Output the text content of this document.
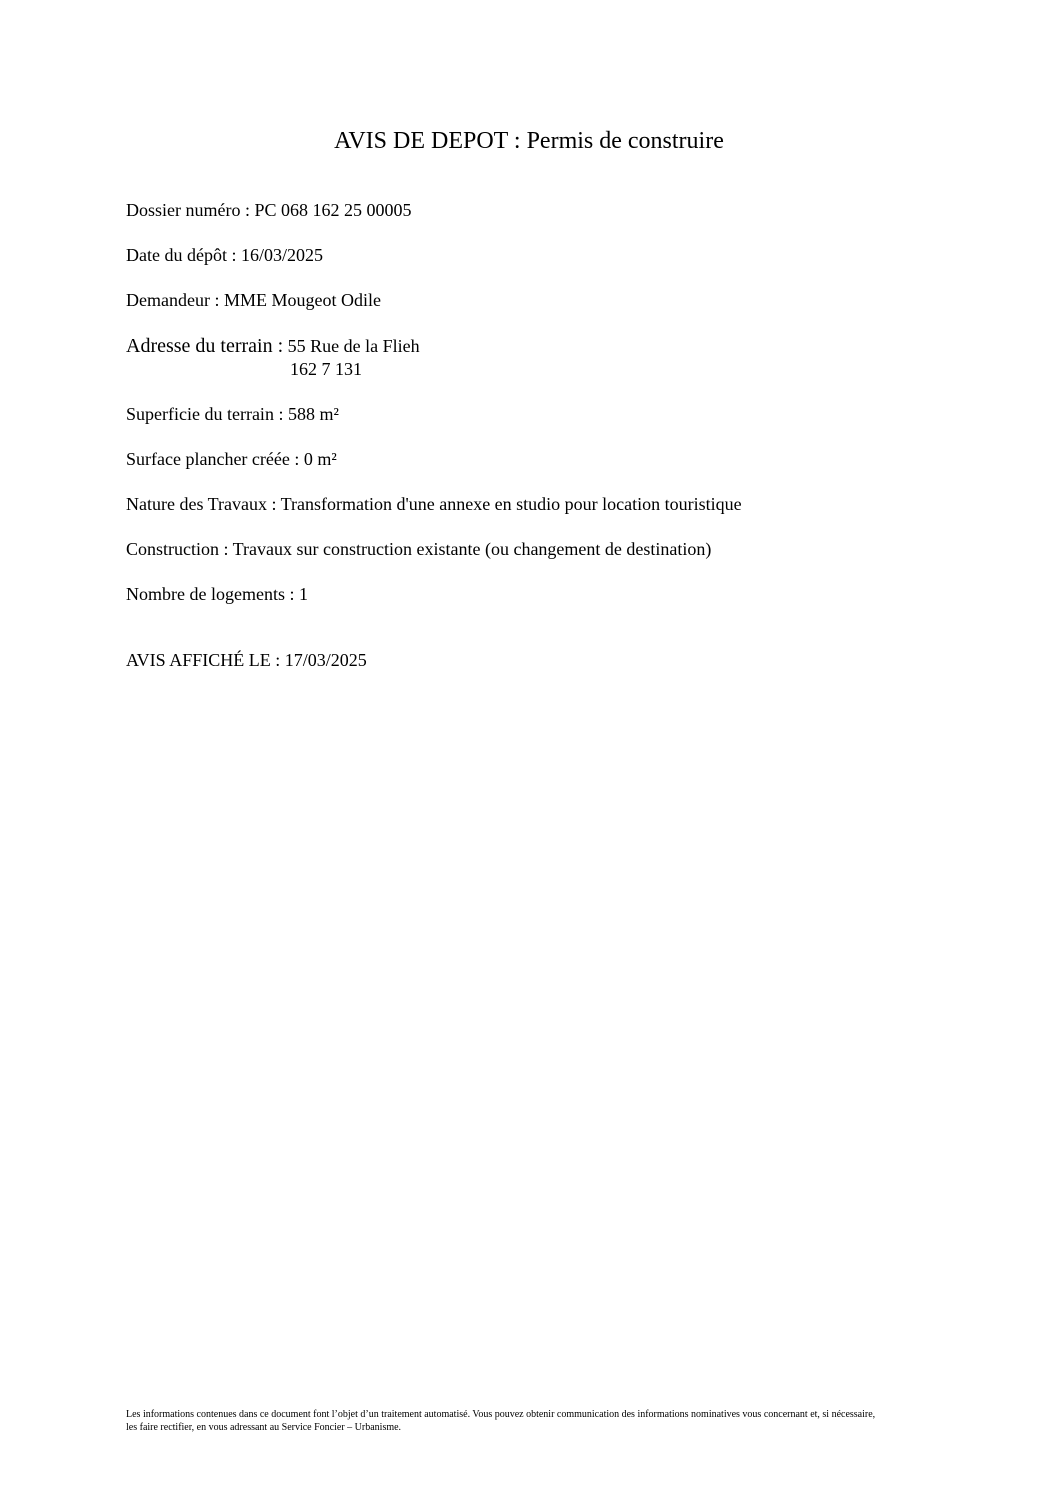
AVIS DE DEPOT : Permis de construire
Dossier numéro : PC 068 162 25 00005
Date du dépôt : 16/03/2025
Demandeur : MME Mougeot Odile
Adresse du terrain : 55 Rue de la Flieh
162 7 131
Superficie du terrain : 588 m²
Surface plancher créée : 0 m²
Nature des Travaux : Transformation d'une annexe en studio pour location touristique
Construction : Travaux sur construction existante (ou changement de destination)
Nombre de logements : 1
AVIS AFFICHÉ LE : 17/03/2025
Les informations contenues dans ce document font l’objet d’un traitement automatisé. Vous pouvez obtenir communication des informations nominatives vous concernant et, si nécessaire,
les faire rectifier, en vous adressant au Service Foncier – Urbanisme.
